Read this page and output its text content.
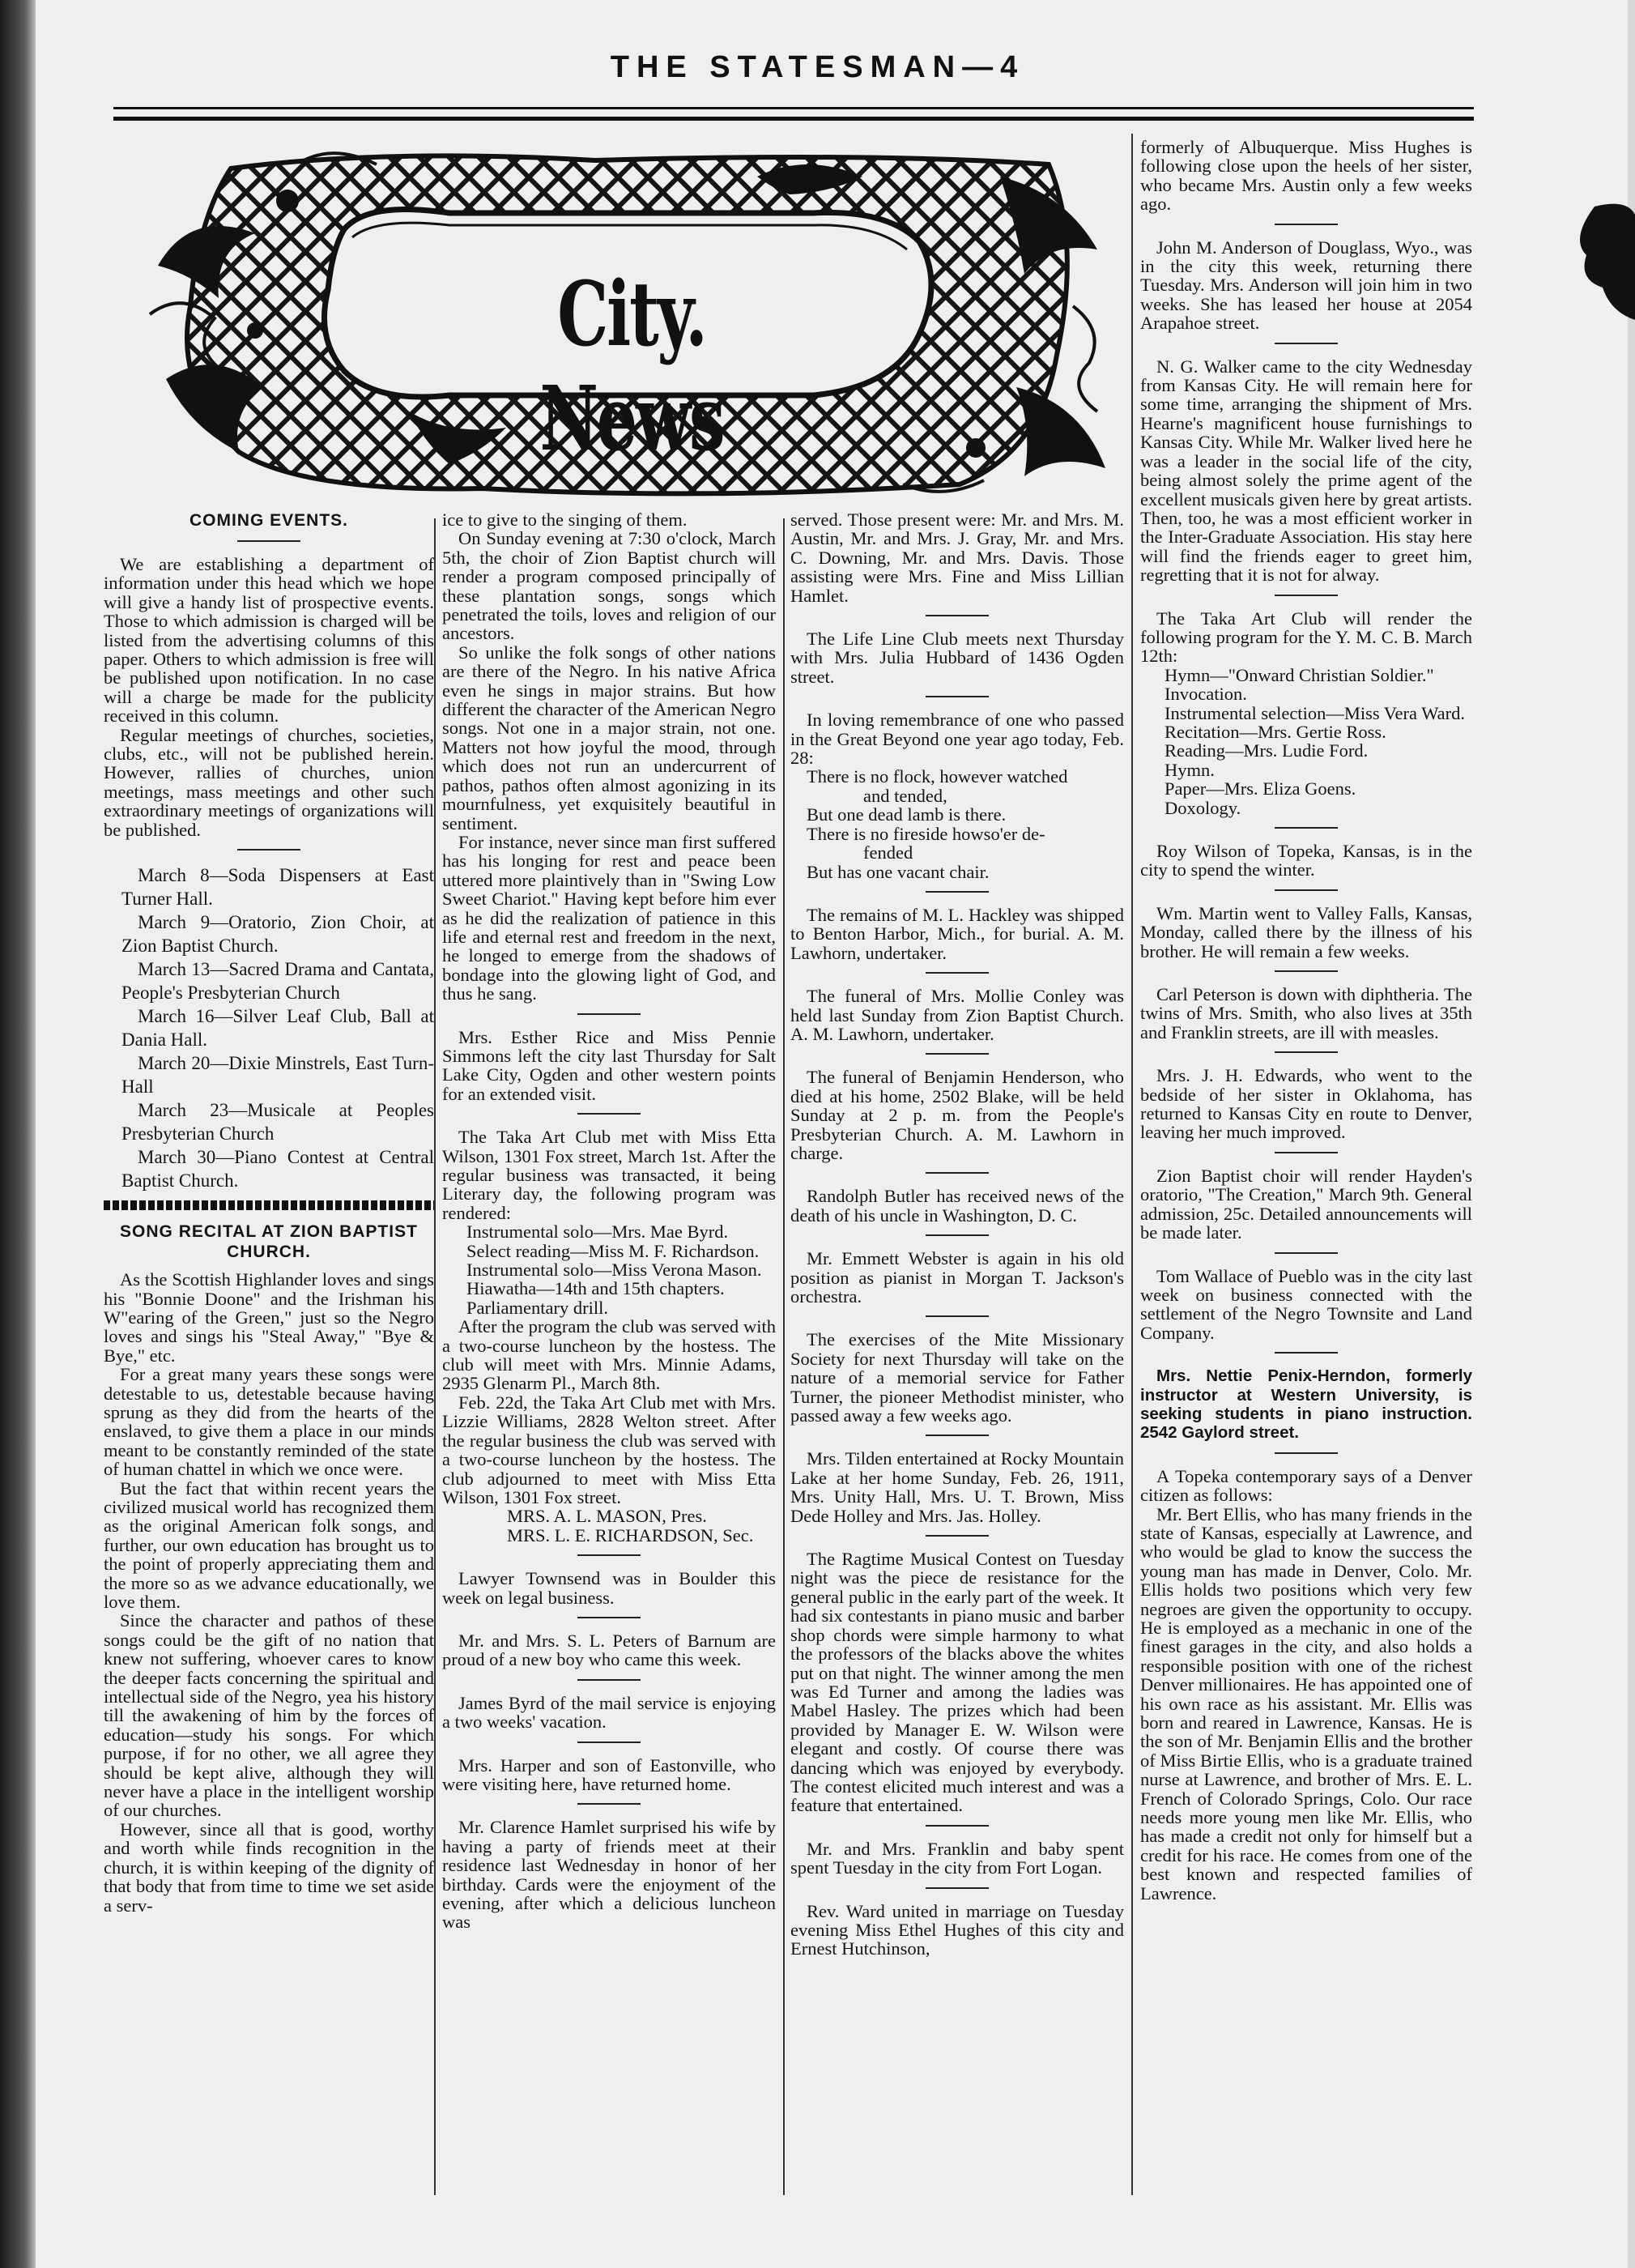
THE STATESMAN—4
City. News
COMING EVENTS.

We are establishing a department of information under this head which we hope will give a handy list of prospective events. Those to which admission is charged will be listed from the advertising columns of this paper. Others to which admission is free will be published upon notification. In no case will a charge be made for the publicity received in this column.

Regular meetings of churches, societies, clubs, etc., will not be published herein. However, rallies of churches, union meetings, mass meetings and other such extraordinary meetings of organizations will be published.

March 8—Soda Dispensers at East Turner Hall.

March 9—Oratorio, Zion Choir, at Zion Baptist Church.

March 13—Sacred Drama and Cantata, People's Presbyterian Church

March 16—Silver Leaf Club, Ball at Dania Hall.

March 20—Dixie Minstrels, East Turn-Hall

March 23—Musicale at Peoples Presbyterian Church

March 30—Piano Contest at Central Baptist Church.

SONG RECITAL AT ZION BAPTIST CHURCH.

As the Scottish Highlander loves and sings his "Bonnie Doone" and the Irishman his W"earing of the Green," just so the Negro loves and sings his "Steal Away," "Bye & Bye," etc.

For a great many years these songs were detestable to us, detestable because having sprung as they did from the hearts of the enslaved, to give them a place in our minds meant to be constantly reminded of the state of human chattel in which we once were.

But the fact that within recent years the civilized musical world has recognized them as the original American folk songs, and further, our own education has brought us to the point of properly appreciating them and the more so as we advance educationally, we love them.

Since the character and pathos of these songs could be the gift of no nation that knew not suffering, whoever cares to know the deeper facts concerning the spiritual and intellectual side of the Negro, yea his history till the awakening of him by the forces of education—study his songs. For which purpose, if for no other, we all agree they should be kept alive, although they will never have a place in the intelligent worship of our churches.

However, since all that is good, worthy and worth while finds recognition in the church, it is within keeping of the dignity of that body that from time to time we set aside a serv-

ice to give to the singing of them.

On Sunday evening at 7:30 o'clock, March 5th, the choir of Zion Baptist church will render a program composed principally of these plantation songs, songs which penetrated the toils, loves and religion of our ancestors.

So unlike the folk songs of other nations are there of the Negro. In his native Africa even he sings in major strains. But how different the character of the American Negro songs. Not one in a major strain, not one. Matters not how joyful the mood, through which does not run an undercurrent of pathos, pathos often almost agonizing in its mournfulness, yet exquisitely beautiful in sentiment.

For instance, never since man first suffered has his longing for rest and peace been uttered more plaintively than in "Swing Low Sweet Chariot." Having kept before him ever as he did the realization of patience in this life and eternal rest and freedom in the next, he longed to emerge from the shadows of bondage into the glowing light of God, and thus he sang.

Mrs. Esther Rice and Miss Pennie Simmons left the city last Thursday for Salt Lake City, Ogden and other western points for an extended visit.

The Taka Art Club met with Miss Etta Wilson, 1301 Fox street, March 1st. After the regular business was transacted, it being Literary day, the following program was rendered:

Instrumental solo—Mrs. Mae Byrd.

Select reading—Miss M. F. Richardson.

Instrumental solo—Miss Verona Mason.

Hiawatha—14th and 15th chapters.

Parliamentary drill.

After the program the club was served with a two-course luncheon by the hostess. The club will meet with Mrs. Minnie Adams, 2935 Glenarm Pl., March 8th.

Feb. 22d, the Taka Art Club met with Mrs. Lizzie Williams, 2828 Welton street. After the regular business the club was served with a two-course luncheon by the hostess. The club adjourned to meet with Miss Etta Wilson, 1301 Fox street.

MRS. A. L. MASON, Pres.

MRS. L. E. RICHARDSON, Sec.

Lawyer Townsend was in Boulder this week on legal business.

Mr. and Mrs. S. L. Peters of Barnum are proud of a new boy who came this week.

James Byrd of the mail service is enjoying a two weeks' vacation.

Mrs. Harper and son of Eastonville, who were visiting here, have returned home.

Mr. Clarence Hamlet surprised his wife by having a party of friends meet at their residence last Wednesday in honor of her birthday. Cards were the enjoyment of the evening, after which a delicious luncheon was

served. Those present were: Mr. and Mrs. M. Austin, Mr. and Mrs. J. Gray, Mr. and Mrs. C. Downing, Mr. and Mrs. Davis. Those assisting were Mrs. Fine and Miss Lillian Hamlet.

The Life Line Club meets next Thursday with Mrs. Julia Hubbard of 1436 Ogden street.

In loving remembrance of one who passed in the Great Beyond one year ago today, Feb. 28:

There is no flock, however watched

and tended,

But one dead lamb is there.

There is no fireside howso'er de-

fended

But has one vacant chair.

The remains of M. L. Hackley was shipped to Benton Harbor, Mich., for burial. A. M. Lawhorn, undertaker.

The funeral of Mrs. Mollie Conley was held last Sunday from Zion Baptist Church. A. M. Lawhorn, undertaker.

The funeral of Benjamin Henderson, who died at his home, 2502 Blake, will be held Sunday at 2 p. m. from the People's Presbyterian Church. A. M. Lawhorn in charge.

Randolph Butler has received news of the death of his uncle in Washington, D. C.

Mr. Emmett Webster is again in his old position as pianist in Morgan T. Jackson's orchestra.

The exercises of the Mite Missionary Society for next Thursday will take on the nature of a memorial service for Father Turner, the pioneer Methodist minister, who passed away a few weeks ago.

Mrs. Tilden entertained at Rocky Mountain Lake at her home Sunday, Feb. 26, 1911, Mrs. Unity Hall, Mrs. U. T. Brown, Miss Dede Holley and Mrs. Jas. Holley.

The Ragtime Musical Contest on Tuesday night was the piece de resistance for the general public in the early part of the week. It had six contestants in piano music and barber shop chords were simple harmony to what the professors of the blacks above the whites put on that night. The winner among the men was Ed Turner and among the ladies was Mabel Hasley. The prizes which had been provided by Manager E. W. Wilson were elegant and costly. Of course there was dancing which was enjoyed by everybody. The contest elicited much interest and was a feature that entertained.

Mr. and Mrs. Franklin and baby spent spent Tuesday in the city from Fort Logan.

Rev. Ward united in marriage on Tuesday evening Miss Ethel Hughes of this city and Ernest Hutchinson,

formerly of Albuquerque. Miss Hughes is following close upon the heels of her sister, who became Mrs. Austin only a few weeks ago.

John M. Anderson of Douglass, Wyo., was in the city this week, returning there Tuesday. Mrs. Anderson will join him in two weeks. She has leased her house at 2054 Arapahoe street.

N. G. Walker came to the city Wednesday from Kansas City. He will remain here for some time, arranging the shipment of Mrs. Hearne's magnificent house furnishings to Kansas City. While Mr. Walker lived here he was a leader in the social life of the city, being almost solely the prime agent of the excellent musicals given here by great artists. Then, too, he was a most efficient worker in the Inter-Graduate Association. His stay here will find the friends eager to greet him, regretting that it is not for alway.

The Taka Art Club will render the following program for the Y. M. C. B. March 12th:

Hymn—"Onward Christian Soldier."

Invocation.

Instrumental selection—Miss Vera Ward.

Recitation—Mrs. Gertie Ross.

Reading—Mrs. Ludie Ford.

Hymn.

Paper—Mrs. Eliza Goens.

Doxology.

Roy Wilson of Topeka, Kansas, is in the city to spend the winter.

Wm. Martin went to Valley Falls, Kansas, Monday, called there by the illness of his brother. He will remain a few weeks.

Carl Peterson is down with diphtheria. The twins of Mrs. Smith, who also lives at 35th and Franklin streets, are ill with measles.

Mrs. J. H. Edwards, who went to the bedside of her sister in Oklahoma, has returned to Kansas City en route to Denver, leaving her much improved.

Zion Baptist choir will render Hayden's oratorio, "The Creation," March 9th. General admission, 25c. Detailed announcements will be made later.

Tom Wallace of Pueblo was in the city last week on business connected with the settlement of the Negro Townsite and Land Company.

Mrs. Nettie Penix-Herndon, formerly instructor at Western University, is seeking students in piano instruction. 2542 Gaylord street.

A Topeka contemporary says of a Denver citizen as follows:

Mr. Bert Ellis, who has many friends in the state of Kansas, especially at Lawrence, and who would be glad to know the success the young man has made in Denver, Colo. Mr. Ellis holds two positions which very few negroes are given the opportunity to occupy. He is employed as a mechanic in one of the finest garages in the city, and also holds a responsible position with one of the richest Denver millionaires. He has appointed one of his own race as his assistant. Mr. Ellis was born and reared in Lawrence, Kansas. He is the son of Mr. Benjamin Ellis and the brother of Miss Birtie Ellis, who is a graduate trained nurse at Lawrence, and brother of Mrs. E. L. French of Colorado Springs, Colo. Our race needs more young men like Mr. Ellis, who has made a credit not only for himself but a credit for his race. He comes from one of the best known and respected families of Lawrence.
